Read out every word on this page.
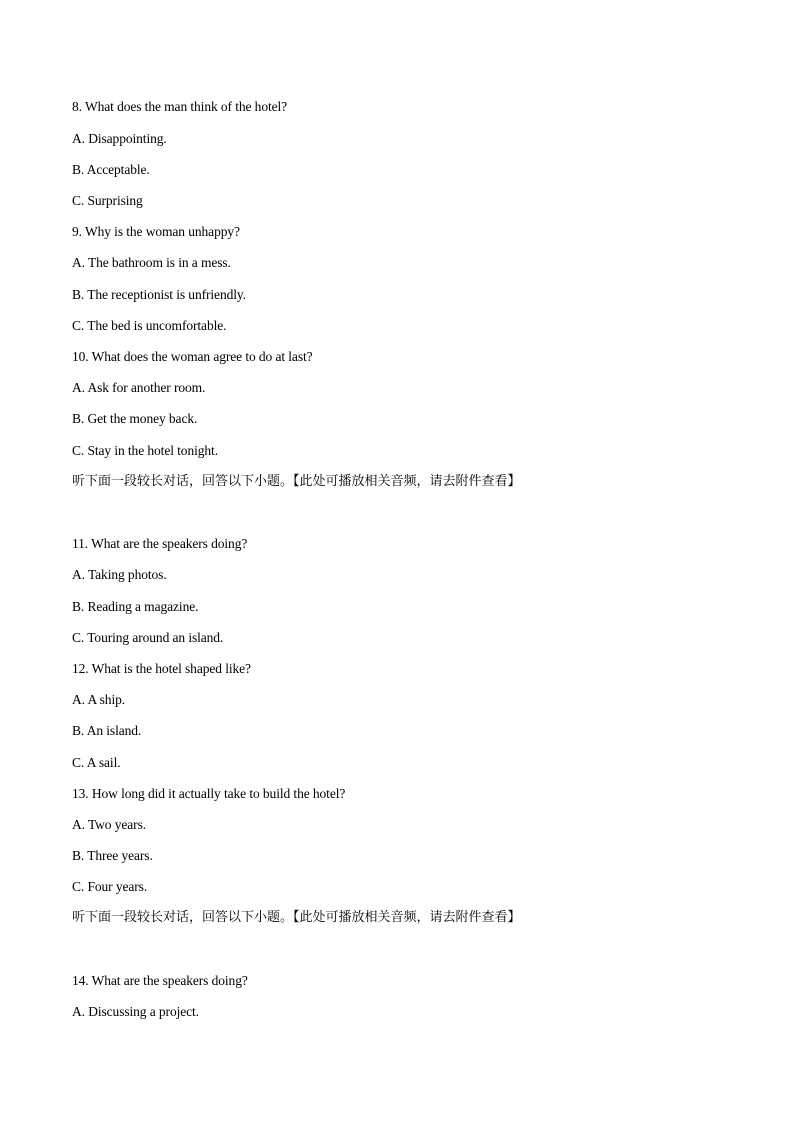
8. What does the man think of the hotel?
A. Disappointing.
B. Acceptable.
C. Surprising
9. Why is the woman unhappy?
A. The bathroom is in a mess.
B. The receptionist is unfriendly.
C. The bed is uncomfortable.
10. What does the woman agree to do at last?
A. Ask for another room.
B. Get the money back.
C. Stay in the hotel tonight.
听下面一段较长对话，回答以下小题。【此处可播放相关音频，请去附件查看】
11. What are the speakers doing?
A. Taking photos.
B. Reading a magazine.
C. Touring around an island.
12. What is the hotel shaped like?
A. A ship.
B. An island.
C. A sail.
13. How long did it actually take to build the hotel?
A. Two years.
B. Three years.
C. Four years.
听下面一段较长对话，回答以下小题。【此处可播放相关音频，请去附件查看】
14. What are the speakers doing?
A. Discussing a project.
